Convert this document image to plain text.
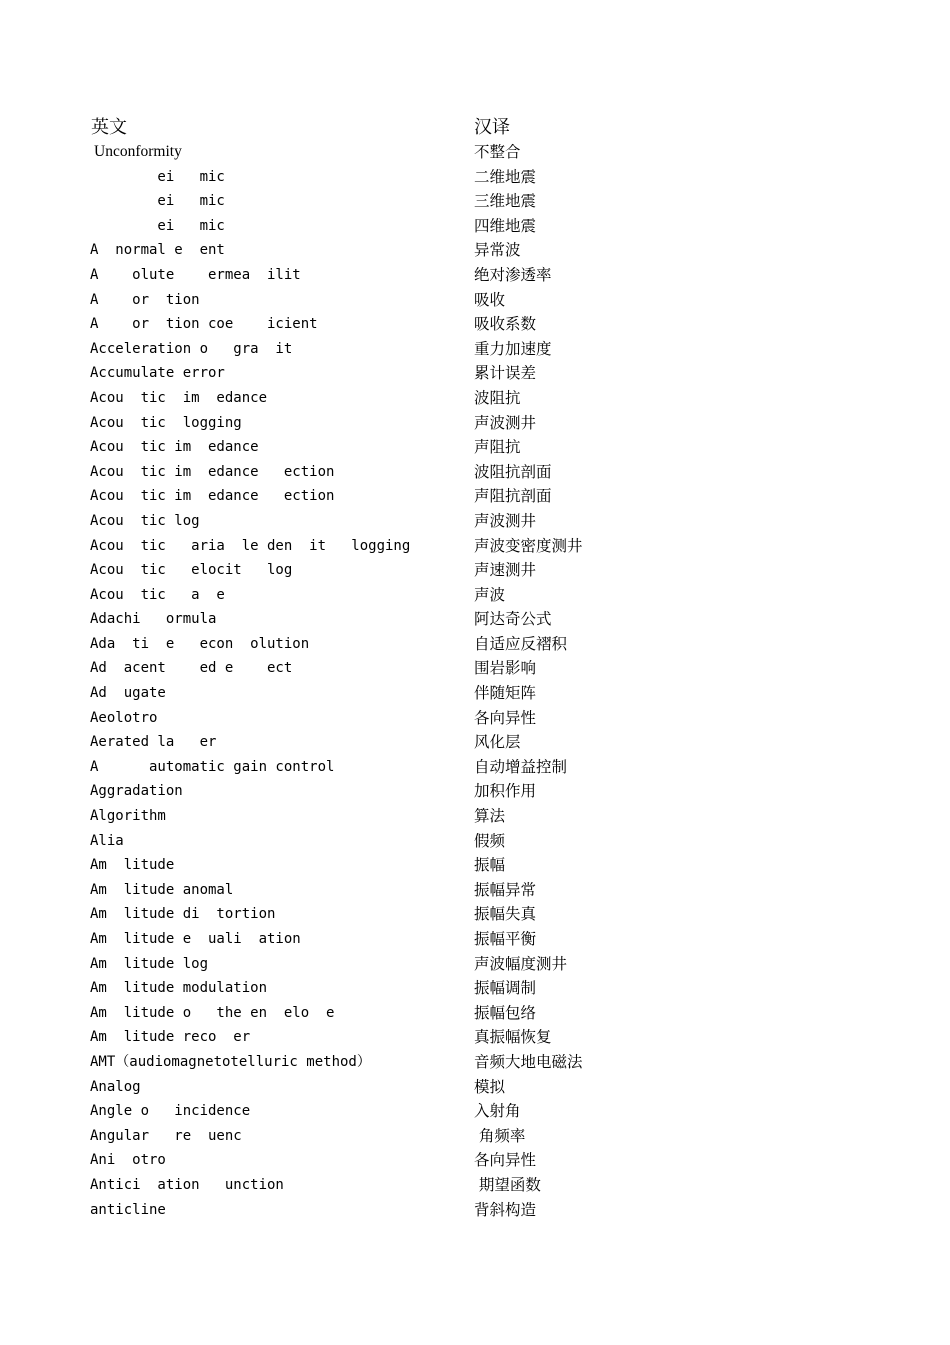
英文	汉译
Unconformity	不整合
ei   mic	二维地震
ei   mic	三维地震
ei   mic	四维地震
A  normal e  ent	异常波
A    olute    ermea  ilit	绝对渗透率
A    or  tion	吸收
A    or  tion coe    icient	吸收系数
Acceleration o   gra  it	重力加速度
Accumulate error	累计误差
Acou  tic  im  edance	波阻抗
Acou  tic  logging	声波测井
Acou  tic im  edance	声阻抗
Acou  tic im  edance   ection	波阻抗剖面
Acou  tic im  edance   ection	声阻抗剖面
Acou  tic log	声波测井
Acou  tic   aria  le den  it   logging	声波变密度测井
Acou  tic   elocit   log	声速测井
Acou  tic   a  e	声波
Adachi   ormula	阿达奇公式
Ada  ti  e   econ  olution	自适应反褶积
Ad  acent    ed e    ect	围岩影响
Ad  ugate	伴随矩阵
Aeolotro	各向异性
Aerated la   er	风化层
A      automatic gain control	自动增益控制
Aggradation	加积作用
Algorithm	算法
Alia	假频
Am  litude	振幅
Am  litude anomal	振幅异常
Am  litude di  tortion	振幅失真
Am  litude e  uali  ation	振幅平衡
Am  litude log	声波幅度测井
Am  litude modulation	振幅调制
Am  litude o   the en  elo  e	振幅包络
Am  litude reco  er	真振幅恢复
AMT（audiomagnetotelluric method）	音频大地电磁法
Analog	模拟
Angle o   incidence	入射角
Angular   re  uenc	角频率
Ani  otro	各向异性
Antici  ation   unction	期望函数
anticline	背斜构造
